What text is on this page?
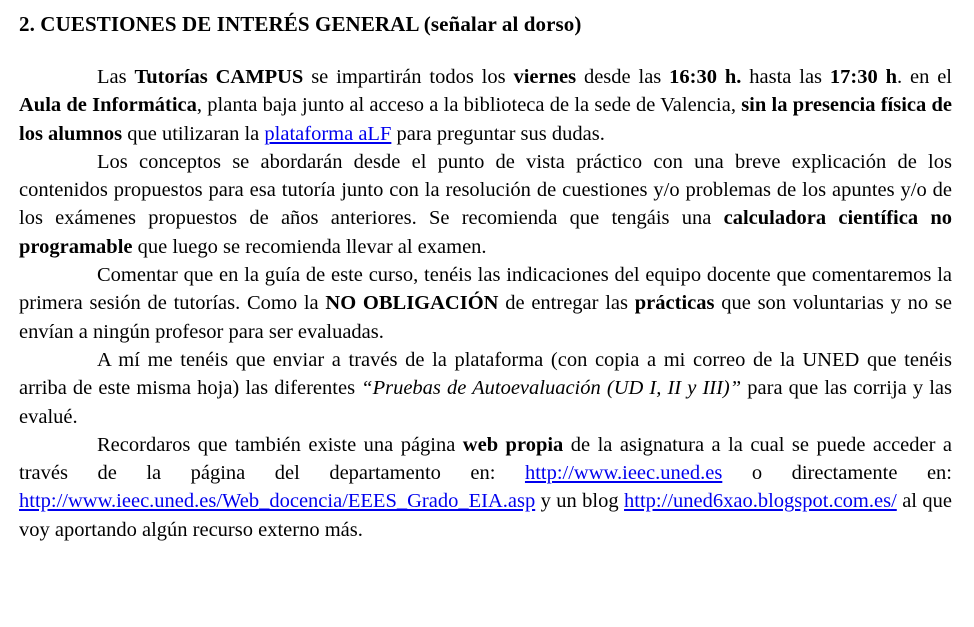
2. CUESTIONES DE INTERÉS GENERAL (señalar al dorso)

Las Tutorías CAMPUS se impartirán todos los viernes desde las 16:30 h. hasta las 17:30 h. en el Aula de Informática, planta baja junto al acceso a la biblioteca de la sede de Valencia, sin la presencia física de los alumnos que utilizaran la plataforma aLF para preguntar sus dudas.

Los conceptos se abordarán desde el punto de vista práctico con una breve explicación de los contenidos propuestos para esa tutoría junto con la resolución de cuestiones y/o problemas de los apuntes y/o de los exámenes propuestos de años anteriores. Se recomienda que tengáis una calculadora científica no programable que luego se recomienda llevar al examen.

Comentar que en la guía de este curso, tenéis las indicaciones del equipo docente que comentaremos la primera sesión de tutorías. Como la NO OBLIGACIÓN de entregar las prácticas que son voluntarias y no se envían a ningún profesor para ser evaluadas.

A mí me tenéis que enviar a través de la plataforma (con copia a mi correo de la UNED que tenéis arriba de este misma hoja) las diferentes “Pruebas de Autoevaluación (UD I, II y III)” para que las corrija y las evalué.

Recordaros que también existe una página web propia de la asignatura a la cual se puede acceder a través de la página del departamento en: http://www.ieec.uned.es o directamente en: http://www.ieec.uned.es/Web_docencia/EEES_Grado_EIA.asp y un blog http://uned6xao.blogspot.com.es/ al que voy aportando algún recurso externo más.
